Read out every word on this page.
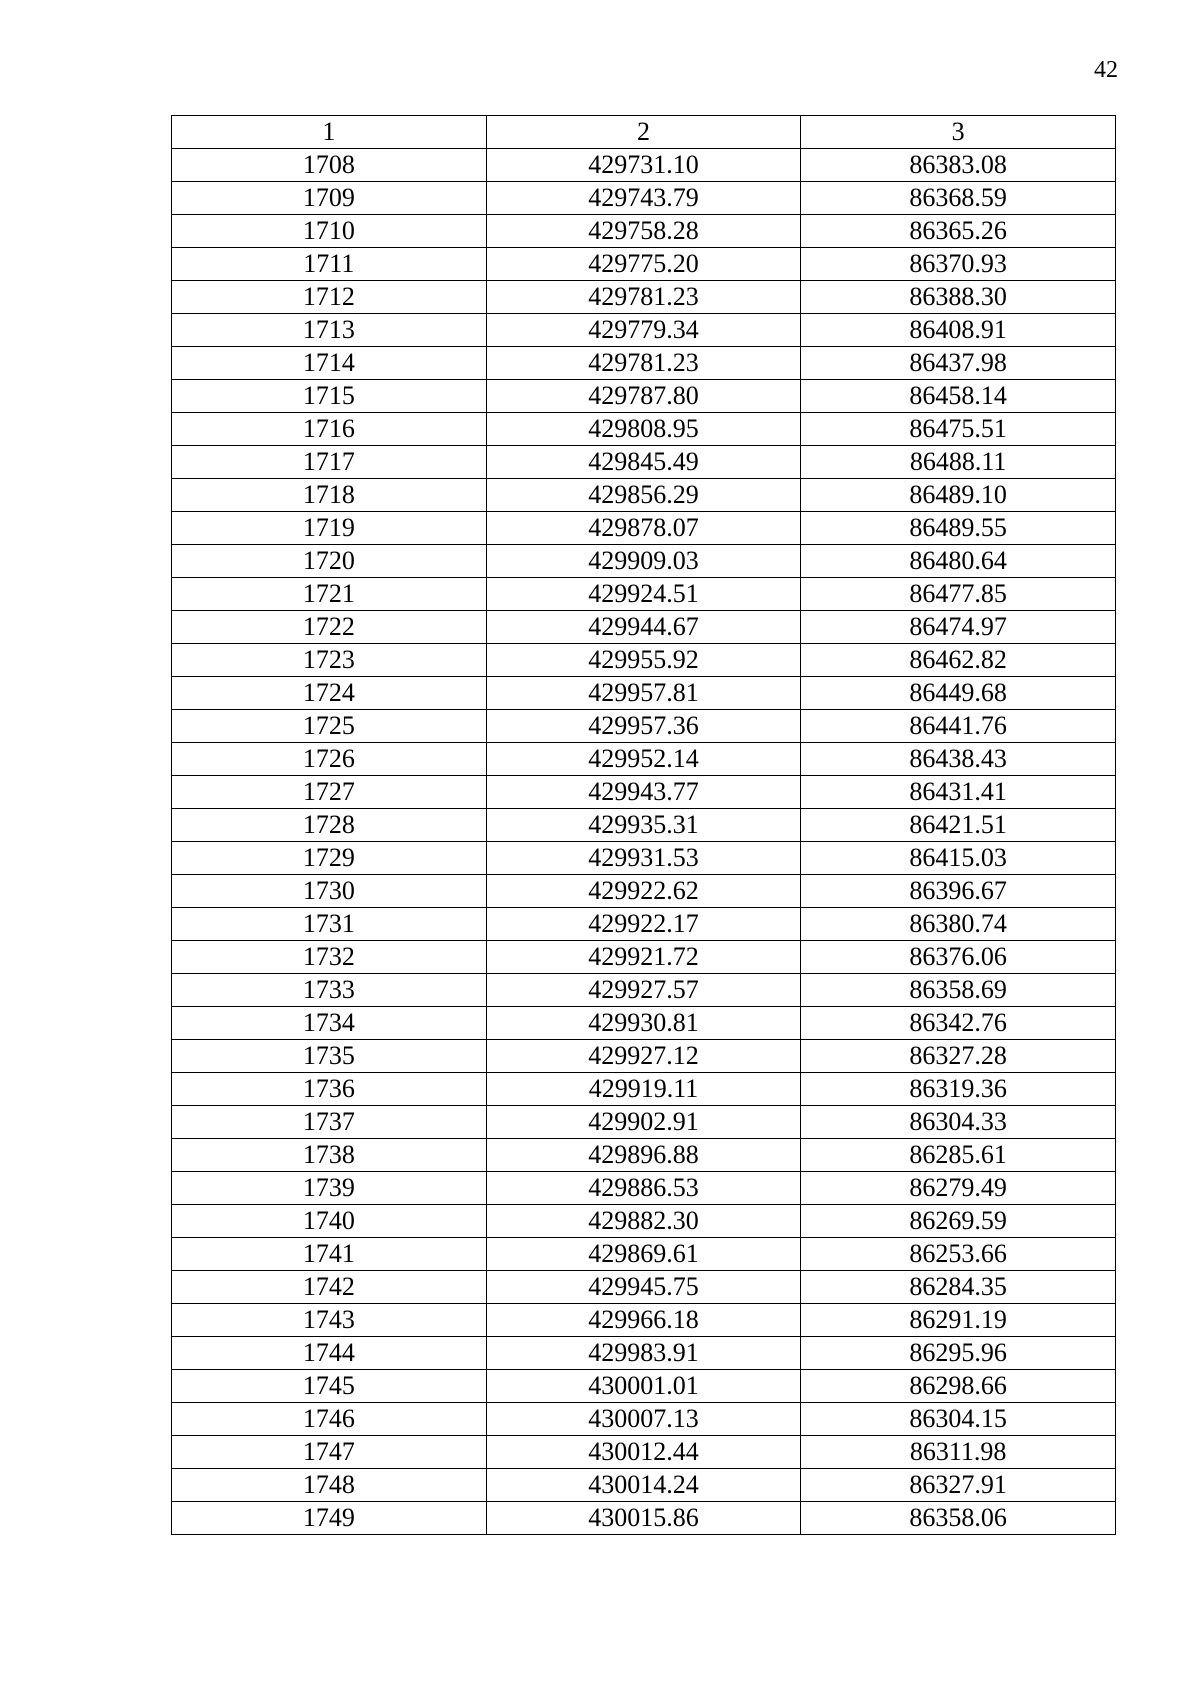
42
1	2	3
1708	429731.10	86383.08
1709	429743.79	86368.59
1710	429758.28	86365.26
1711	429775.20	86370.93
1712	429781.23	86388.30
1713	429779.34	86408.91
1714	429781.23	86437.98
1715	429787.80	86458.14
1716	429808.95	86475.51
1717	429845.49	86488.11
1718	429856.29	86489.10
1719	429878.07	86489.55
1720	429909.03	86480.64
1721	429924.51	86477.85
1722	429944.67	86474.97
1723	429955.92	86462.82
1724	429957.81	86449.68
1725	429957.36	86441.76
1726	429952.14	86438.43
1727	429943.77	86431.41
1728	429935.31	86421.51
1729	429931.53	86415.03
1730	429922.62	86396.67
1731	429922.17	86380.74
1732	429921.72	86376.06
1733	429927.57	86358.69
1734	429930.81	86342.76
1735	429927.12	86327.28
1736	429919.11	86319.36
1737	429902.91	86304.33
1738	429896.88	86285.61
1739	429886.53	86279.49
1740	429882.30	86269.59
1741	429869.61	86253.66
1742	429945.75	86284.35
1743	429966.18	86291.19
1744	429983.91	86295.96
1745	430001.01	86298.66
1746	430007.13	86304.15
1747	430012.44	86311.98
1748	430014.24	86327.91
1749	430015.86	86358.06
